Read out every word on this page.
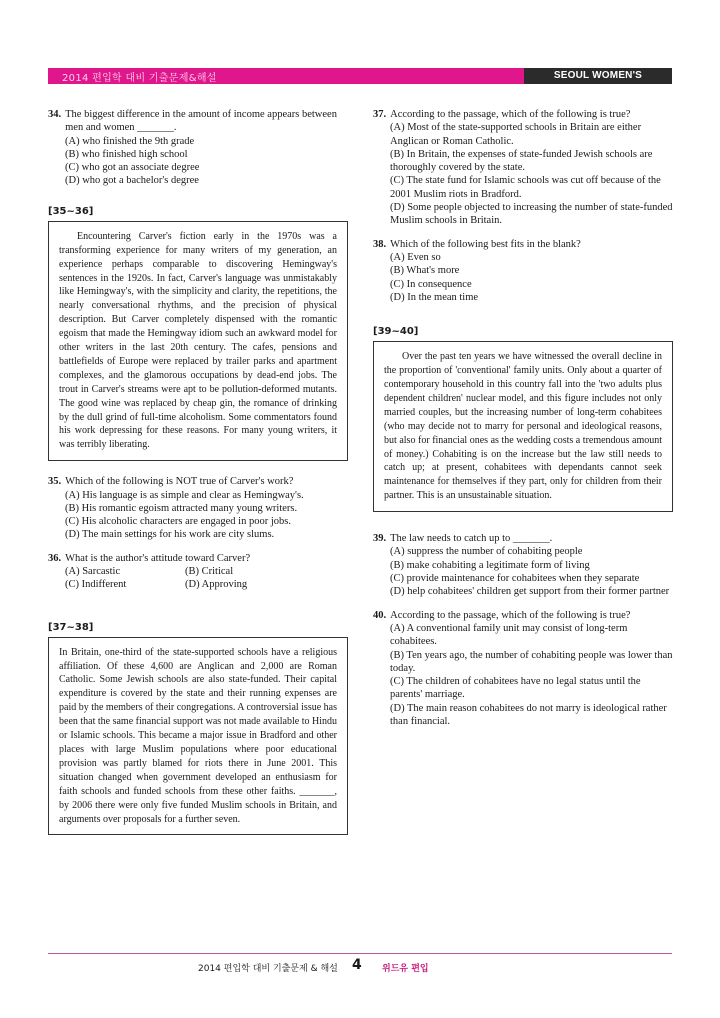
2014 편입학 대비 기출문제&해설	SEOUL WOMEN'S UNIVERSITY
34. The biggest difference in the amount of income appears between men and women _______.
(A) who finished the 9th grade
(B) who finished high school
(C) who got an associate degree
(D) who got a bachelor's degree
[35~36]

Encountering Carver's fiction early in the 1970s was a transforming experience for many writers of my generation, an experience perhaps comparable to discovering Hemingway's sentences in the 1920s. In fact, Carver's language was unmistakably like Hemingway's, with the simplicity and clarity, the repetitions, the nearly conversational rhythms, and the precision of physical description. But Carver completely dispensed with the romantic egoism that made the Hemingway idiom such an awkward model for other writers in the last 20th century. The cafes, pensions and battlefields of Europe were replaced by trailer parks and apartment complexes, and the glamorous occupations by dead-end jobs. The trout in Carver's streams were apt to be pollution-deformed mutants. The good wine was replaced by cheap gin, the romance of drinking by the dull grind of full-time alcoholism. Some commentators found his work depressing for these reasons. For many young writers, it was terribly liberating.

35. Which of the following is NOT true of Carver's work?
(A) His language is as simple and clear as Hemingway's.
(B) His romantic egoism attracted many young writers.
(C) His alcoholic characters are engaged in poor jobs.
(D) The main settings for his work are city slums.
36. What is the author's attitude toward Carver?
(A) Sarcastic	(B) Critical
(C) Indifferent	(D) Approving
[37~38]

In Britain, one-third of the state-supported schools have a religious affiliation. Of these 4,600 are Anglican and 2,000 are Roman Catholic. Some Jewish schools are also state-funded. Their capital expenditure is covered by the state and their running expenses are paid by the members of their congregations. A controversial issue has been that the same financial support was not made available to Hindu or Islamic schools. This became a major issue in Bradford and other places with large Muslim populations where poor educational provision was partly blamed for riots there in June 2001. This situation changed when government developed an enthusiasm for faith schools and funded schools from these other faiths. _______, by 2006 there were only five funded Muslim schools in Britain, and arguments over proposals for a further seven.

37. According to the passage, which of the following is true?
(A) Most of the state-supported schools in Britain are either Anglican or Roman Catholic.
(B) In Britain, the expenses of state-funded Jewish schools are thoroughly covered by the state.
(C) The state fund for Islamic schools was cut off because of the 2001 Muslim riots in Bradford.
(D) Some people objected to increasing the number of state-funded Muslim schools in Britain.
38. Which of the following best fits in the blank?
(A) Even so
(B) What's more
(C) In consequence
(D) In the mean time
[39~40]

Over the past ten years we have witnessed the overall decline in the proportion of 'conventional' family units. Only about a quarter of contemporary household in this country fall into the 'two adults plus dependent children' nuclear model, and this figure includes not only married couples, but the increasing number of long-term cohabitees (who may decide not to marry for personal and ideological reasons, but also for financial ones as the wedding costs a tremendous amount of money.) Cohabiting is on the increase but the law still needs to catch up; at present, cohabitees with dependants cannot seek maintenance for themselves if they part, only for children from their partner. This is an unsustainable situation.

39. The law needs to catch up to _______.
(A) suppress the number of cohabiting people
(B) make cohabiting a legitimate form of living
(C) provide maintenance for cohabitees when they separate
(D) help cohabitees' children get support from their former partner
40. According to the passage, which of the following is true?
(A) A conventional family unit may consist of long-term cohabitees.
(B) Ten years ago, the number of cohabiting people was lower than today.
(C) The children of cohabitees have no legal status until the parents' marriage.
(D) The main reason cohabitees do not marry is ideological rather than financial.
2014 편입학 대비 기출문제 & 해설 4 위드유 편입
